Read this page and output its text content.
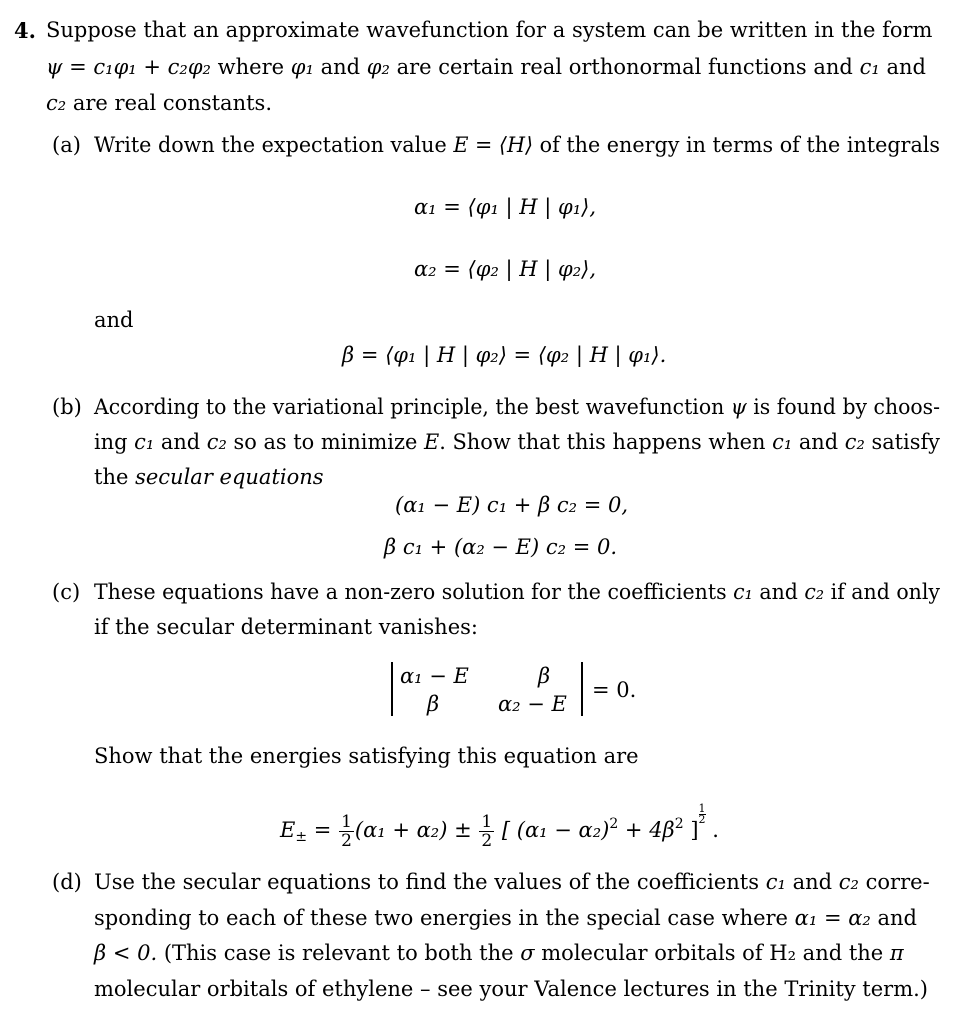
4. Suppose that an approximate wavefunction for a system can be written in the form
ψ = c₁φ₁ + c₂φ₂ where φ₁ and φ₂ are certain real orthonormal functions and c₁ and
c₂ are real constants.
(a) Write down the expectation value E = ⟨H⟩ of the energy in terms of the integrals
α₁ = ⟨φ₁ | H | φ₁⟩,
α₂ = ⟨φ₂ | H | φ₂⟩,
and
β = ⟨φ₁ | H | φ₂⟩ = ⟨φ₂ | H | φ₁⟩.
(b) According to the variational principle, the best wavefunction ψ is found by choos-
ing c₁ and c₂ so as to minimize E. Show that this happens when c₁ and c₂ satisfy
the secular equations
(α₁ − E) c₁ + β c₂ = 0,
β c₁ + (α₂ − E) c₂ = 0.
(c) These equations have a non-zero solution for the coefficients c₁ and c₂ if and only
if the secular determinant vanishes:
α₁ − E	β
β	α₂ − E
= 0.
Show that the energies satisfying this equation are
$E_\pm = \frac{1}{2} (\alpha_1 + \alpha_2) \pm \frac{1}{2}$ [ $(\alpha_1 - \alpha_2)^2 + 4\beta^2$ ]
$\frac{1}{2}$
.
(d) Use the secular equations to find the values of the coefficients c₁ and c₂ corre-
sponding to each of these two energies in the special case where α₁ = α₂ and
β < 0. (This case is relevant to both the σ molecular orbitals of H₂ and the π
molecular orbitals of ethylene – see your Valence lectures in the Trinity term.)
